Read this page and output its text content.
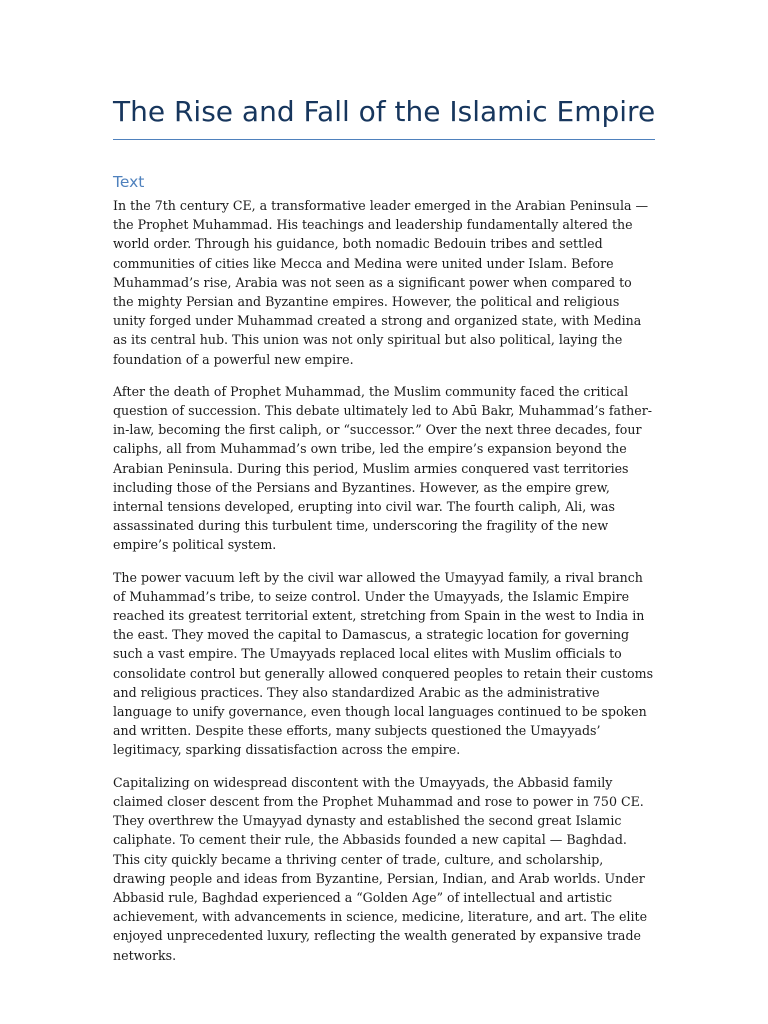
The Rise and Fall of the Islamic Empire
Text

In the 7th century CE, a transformative leader emerged in the Arabian Peninsula — the Prophet Muhammad. His teachings and leadership fundamentally altered the world order. Through his guidance, both nomadic Bedouin tribes and settled communities of cities like Mecca and Medina were united under Islam. Before Muhammad’s rise, Arabia was not seen as a significant power when compared to the mighty Persian and Byzantine empires. However, the political and religious unity forged under Muhammad created a strong and organized state, with Medina as its central hub. This union was not only spiritual but also political, laying the foundation of a powerful new empire.

After the death of Prophet Muhammad, the Muslim community faced the critical question of succession. This debate ultimately led to Abū Bakr, Muhammad’s father-in-law, becoming the first caliph, or “successor.” Over the next three decades, four caliphs, all from Muhammad’s own tribe, led the empire’s expansion beyond the Arabian Peninsula. During this period, Muslim armies conquered vast territories including those of the Persians and Byzantines. However, as the empire grew, internal tensions developed, erupting into civil war. The fourth caliph, Ali, was assassinated during this turbulent time, underscoring the fragility of the new empire’s political system.

The power vacuum left by the civil war allowed the Umayyad family, a rival branch of Muhammad’s tribe, to seize control. Under the Umayyads, the Islamic Empire reached its greatest territorial extent, stretching from Spain in the west to India in the east. They moved the capital to Damascus, a strategic location for governing such a vast empire. The Umayyads replaced local elites with Muslim officials to consolidate control but generally allowed conquered peoples to retain their customs and religious practices. They also standardized Arabic as the administrative language to unify governance, even though local languages continued to be spoken and written. Despite these efforts, many subjects questioned the Umayyads’ legitimacy, sparking dissatisfaction across the empire.

Capitalizing on widespread discontent with the Umayyads, the Abbasid family claimed closer descent from the Prophet Muhammad and rose to power in 750 CE. They overthrew the Umayyad dynasty and established the second great Islamic caliphate. To cement their rule, the Abbasids founded a new capital — Baghdad. This city quickly became a thriving center of trade, culture, and scholarship, drawing people and ideas from Byzantine, Persian, Indian, and Arab worlds. Under Abbasid rule, Baghdad experienced a “Golden Age” of intellectual and artistic achievement, with advancements in science, medicine, literature, and art. The elite enjoyed unprecedented luxury, reflecting the wealth generated by expansive trade networks.
